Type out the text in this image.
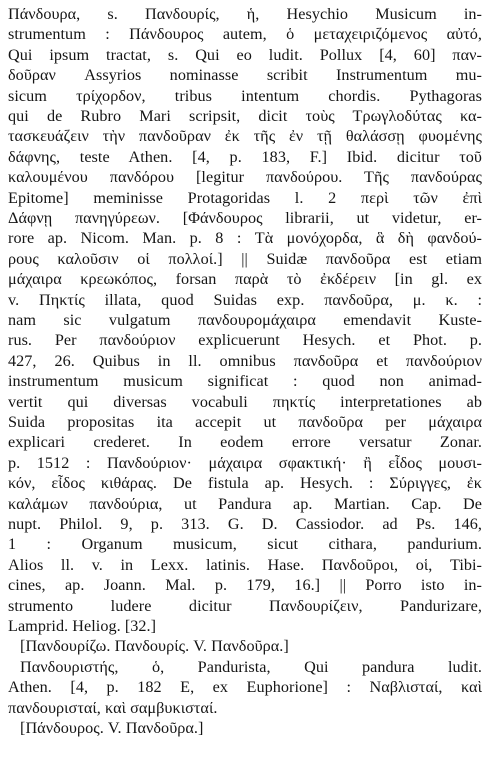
Πάνδουρα, s. Πανδουρίς, ἡ, Hesychio Musicum in-
strumentum : Πάνδουρος autem, ὁ μεταχειριζόμενος αὐτό,
Qui ipsum tractat, s. Qui eo ludit. Pollux [4, 60] παν-
δοῦραν Assyrios nominasse scribit Instrumentum mu-
sicum τρίχορδον, tribus intentum chordis. Pythagoras
qui de Rubro Mari scripsit, dicit τοὺς Τρωγλοδύτας κα-
τασκευάζειν τὴν πανδοῦραν ἐκ τῆς ἐν τῇ θαλάσσῃ φυομένης
δάφνης, teste Athen. [4, p. 183, F.] Ibid. dicitur τοῦ
καλουμένου πανδόρου [legitur πανδούρου. Τῆς πανδούρας
Epitome] meminisse Protagoridas l. 2 περὶ τῶν ἐπὶ
Δάφνῃ πανηγύρεων. [Φάνδουρος librarii, ut videtur, er-
rore ap. Nicom. Man. p. 8 : Τὰ μονόχορδα, ἃ δὴ φανδού-
ρους καλοῦσιν οἱ πολλοί.] || Suidæ πανδοῦρα est etiam
μάχαιρα κρεωκόπος, forsan παρὰ τὸ ἐκδέρειν [in gl. ex
v. Πηκτίς illata, quod Suidas exp. πανδοῦρα, μ. κ. :
nam sic vulgatum πανδουρομάχαιρα emendavit Kuste-
rus. Per πανδούριον explicuerunt Hesych. et Phot. p.
427, 26. Quibus in ll. omnibus πανδοῦρα et πανδούριον
instrumentum musicum significat : quod non animad-
vertit qui diversas vocabuli πηκτίς interpretationes ab
Suida propositas ita accepit ut πανδοῦρα per μάχαιρα
explicari crederet. In eodem errore versatur Zonar.
p. 1512 : Πανδούριον· μάχαιρα σφακτική· ἢ εἶδος μουσι-
κόν, εἶδος κιθάρας. De fistula ap. Hesych. : Σύριγγες, ἐκ
καλάμων πανδούρια, ut Pandura ap. Martian. Cap. De
nupt. Philol. 9, p. 313. G. D. Cassiodor. ad Ps. 146,
1 : Organum musicum, sicut cithara, pandurium.
Alios ll. v. in Lexx. latinis. Hase. Πανδοῦροι, οἱ, Tibi-
cines, ap. Joann. Mal. p. 179, 16.] || Porro isto in-
strumento ludere dicitur Πανδουρίζειν, Pandurizare,
Lamprid. Heliog. [32.]
[Πανδουρίζω. Πανδουρίς. V. Πανδοῦρα.]
Πανδουριστής, ὁ, Pandurista, Qui pandura ludit.
Athen. [4, p. 182 E, ex Euphorione] : Ναβλισταί, καὶ
πανδουρισταί, καὶ σαμβυκισταί.
[Πάνδουρος. V. Πανδοῦρα.]
